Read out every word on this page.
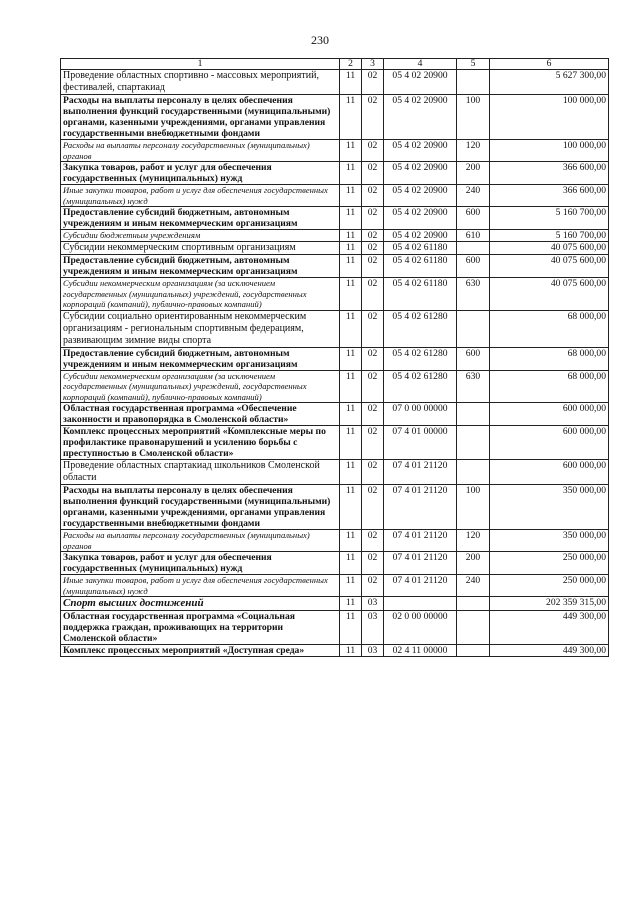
230
1	2	3	4	5	6
Проведение областных спортивно - массовых мероприятий, фестивалей, спартакиад	11	02	05 4 02 20900		5 627 300,00
Расходы на выплаты персоналу в целях обеспечения выполнения функций государственными (муниципальными) органами, казенными учреждениями, органами управления государственными внебюджетными фондами	11	02	05 4 02 20900	100	100 000,00
Расходы на выплаты персоналу государственных (муниципальных) органов	11	02	05 4 02 20900	120	100 000,00
Закупка товаров, работ и услуг для обеспечения государственных (муниципальных) нужд	11	02	05 4 02 20900	200	366 600,00
Иные закупки товаров, работ и услуг для обеспечения государственных (муниципальных) нужд	11	02	05 4 02 20900	240	366 600,00
Предоставление субсидий бюджетным, автономным учреждениям и иным некоммерческим организациям	11	02	05 4 02 20900	600	5 160 700,00
Субсидии бюджетным учреждениям	11	02	05 4 02 20900	610	5 160 700,00
Субсидии некоммерческим спортивным организациям	11	02	05 4 02 61180		40 075 600,00
Предоставление субсидий бюджетным, автономным учреждениям и иным некоммерческим организациям	11	02	05 4 02 61180	600	40 075 600,00
Субсидии некоммерческим организациям (за исключением государственных (муниципальных) учреждений, государственных корпораций (компаний), публично-правовых компаний)	11	02	05 4 02 61180	630	40 075 600,00
Субсидии социально ориентированным некоммерческим организациям - региональным спортивным федерациям, развивающим зимние виды спорта	11	02	05 4 02 61280		68 000,00
Предоставление субсидий бюджетным, автономным учреждениям и иным некоммерческим организациям	11	02	05 4 02 61280	600	68 000,00
Субсидии некоммерческим организациям (за исключением государственных (муниципальных) учреждений, государственных корпораций (компаний), публично-правовых компаний)	11	02	05 4 02 61280	630	68 000,00
Областная государственная программа «Обеспечение законности и правопорядка в Смоленской области»	11	02	07 0 00 00000		600 000,00
Комплекс процессных мероприятий «Комплексные меры по профилактике правонарушений и усилению борьбы с преступностью в Смоленской области»	11	02	07 4 01 00000		600 000,00
Проведение областных спартакиад школьников Смоленской области	11	02	07 4 01 21120		600 000,00
Расходы на выплаты персоналу в целях обеспечения выполнения функций государственными (муниципальными) органами, казенными учреждениями, органами управления государственными внебюджетными фондами	11	02	07 4 01 21120	100	350 000,00
Расходы на выплаты персоналу государственных (муниципальных) органов	11	02	07 4 01 21120	120	350 000,00
Закупка товаров, работ и услуг для обеспечения государственных (муниципальных) нужд	11	02	07 4 01 21120	200	250 000,00
Иные закупки товаров, работ и услуг для обеспечения государственных (муниципальных) нужд	11	02	07 4 01 21120	240	250 000,00
Спорт высших достижений	11	03			202 359 315,00
Областная государственная программа «Социальная поддержка граждан, проживающих на территории Смоленской области»	11	03	02 0 00 00000		449 300,00
Комплекс процессных мероприятий «Доступная среда»	11	03	02 4 11 00000		449 300,00
